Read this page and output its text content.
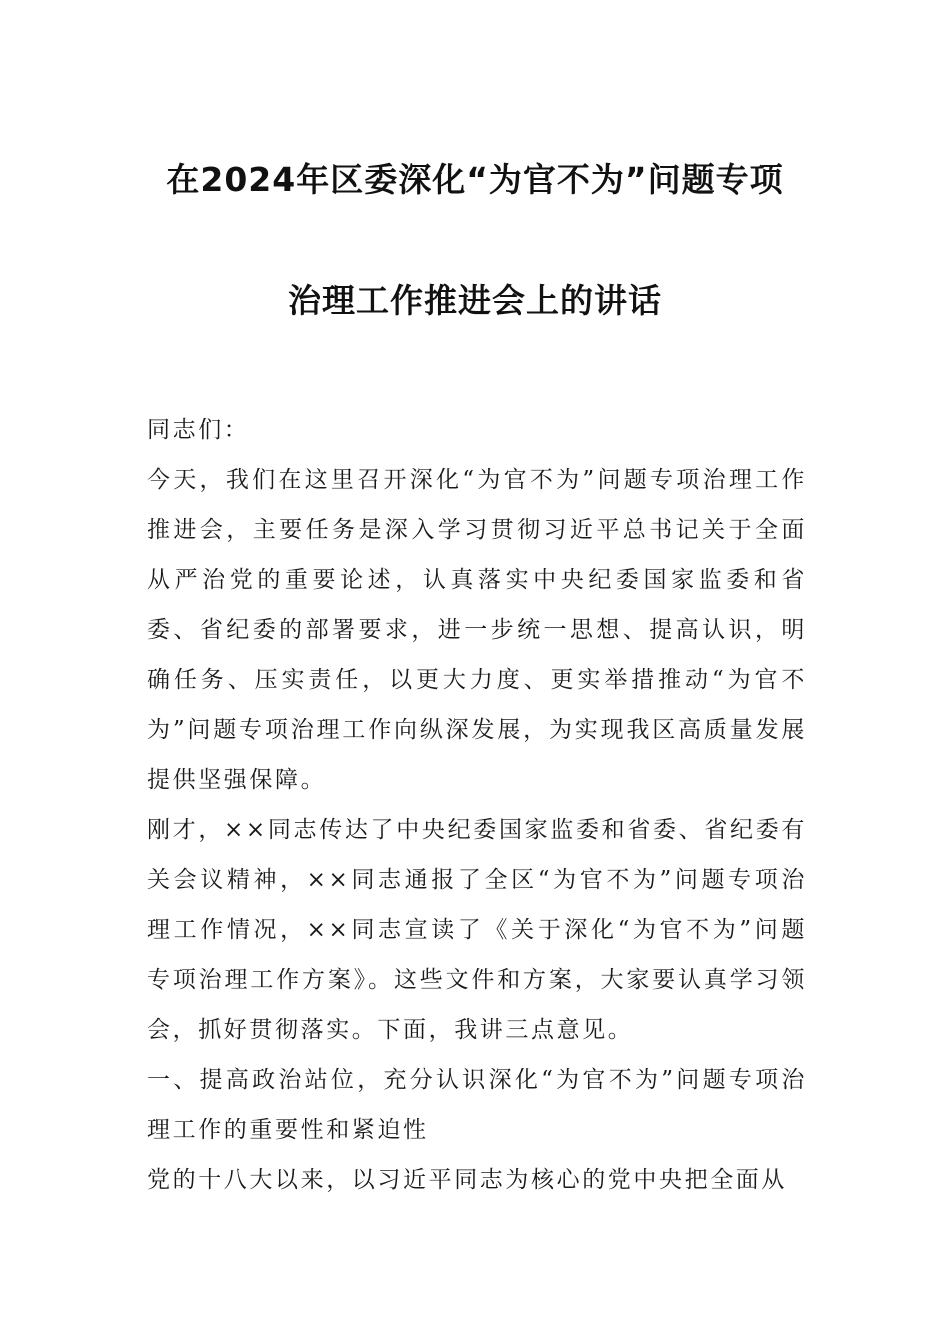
在2024年区委深化“为官不为”问题专项
治理工作推进会上的讲话

同志们：

今天，我们在这里召开深化“为官不为”问题专项治理工作推进会，主要任务是深入学习贯彻习近平总书记关于全面从严治党的重要论述，认真落实中央纪委国家监委和省委、省纪委的部署要求，进一步统一思想、提高认识，明确任务、压实责任，以更大力度、更实举措推动“为官不为”问题专项治理工作向纵深发展，为实现我区高质量发展提供坚强保障。

刚才，××同志传达了中央纪委国家监委和省委、省纪委有关会议精神，××同志通报了全区“为官不为”问题专项治理工作情况，××同志宣读了《关于深化“为官不为”问题专项治理工作方案》。这些文件和方案，大家要认真学习领会，抓好贯彻落实。下面，我讲三点意见。

一、提高政治站位，充分认识深化“为官不为”问题专项治理工作的重要性和紧迫性

党的十八大以来，以习近平同志为核心的党中央把全面从
